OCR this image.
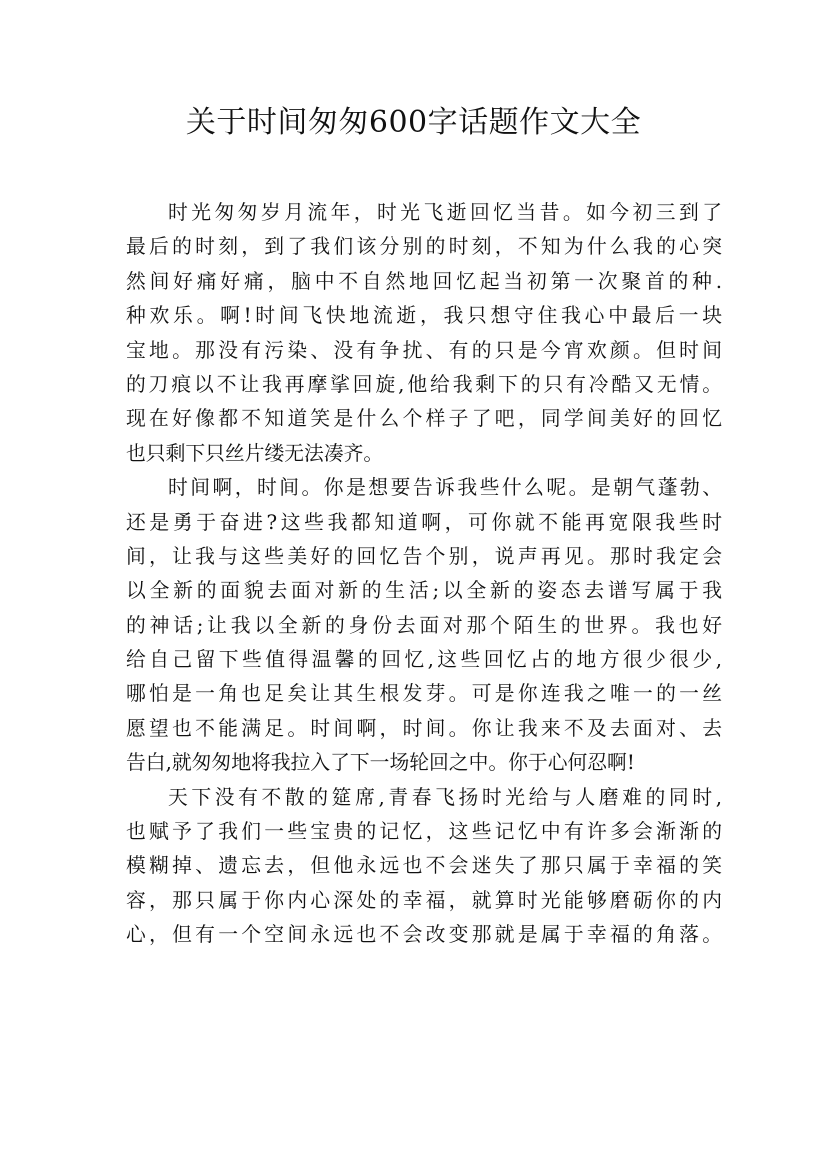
关于时间匆匆600字话题作文大全
时光匆匆岁月流年，时光飞逝回忆当昔。如今初三到了
最后的时刻，到了我们该分别的时刻，不知为什么我的心突
然间好痛好痛，脑中不自然地回忆起当初第一次聚首的种.
种欢乐。啊!时间飞快地流逝，我只想守住我心中最后一块
宝地。那没有污染、没有争扰、有的只是今宵欢颜。但时间
的刀痕以不让我再摩挲回旋,他给我剩下的只有冷酷又无情。
现在好像都不知道笑是什么个样子了吧，同学间美好的回忆
也只剩下只丝片缕无法凑齐。
时间啊，时间。你是想要告诉我些什么呢。是朝气蓬勃、
还是勇于奋进?这些我都知道啊，可你就不能再宽限我些时
间，让我与这些美好的回忆告个别，说声再见。那时我定会
以全新的面貌去面对新的生活;以全新的姿态去谱写属于我
的神话;让我以全新的身份去面对那个陌生的世界。我也好
给自己留下些值得温馨的回忆,这些回忆占的地方很少很少,
哪怕是一角也足矣让其生根发芽。可是你连我之唯一的一丝
愿望也不能满足。时间啊，时间。你让我来不及去面对、去
告白,就匆匆地将我拉入了下一场轮回之中。你于心何忍啊!
天下没有不散的筵席,青春飞扬时光给与人磨难的同时,
也赋予了我们一些宝贵的记忆，这些记忆中有许多会渐渐的
模糊掉、遗忘去，但他永远也不会迷失了那只属于幸福的笑
容，那只属于你内心深处的幸福，就算时光能够磨砺你的内
心，但有一个空间永远也不会改变那就是属于幸福的角落。
